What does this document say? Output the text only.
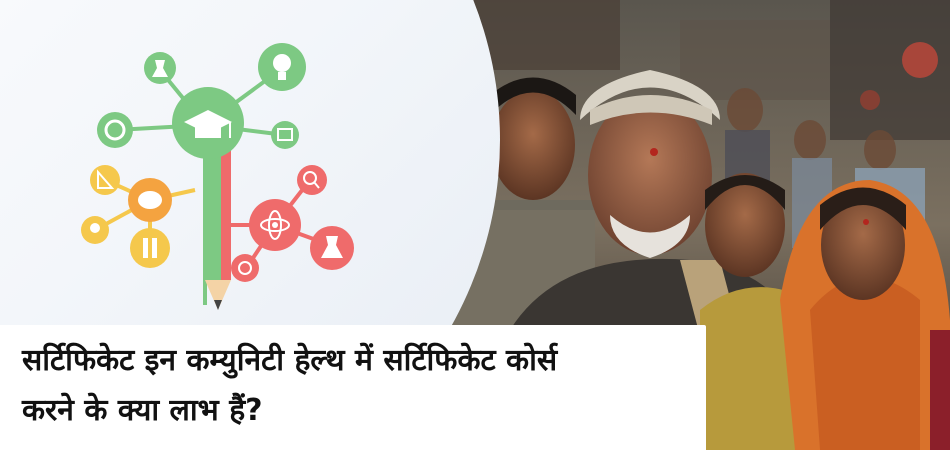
सर्टिफिकेट इन कम्युनिटी हेल्थ में सर्टिफिकेट कोर्स
करने के क्या लाभ हैं?
